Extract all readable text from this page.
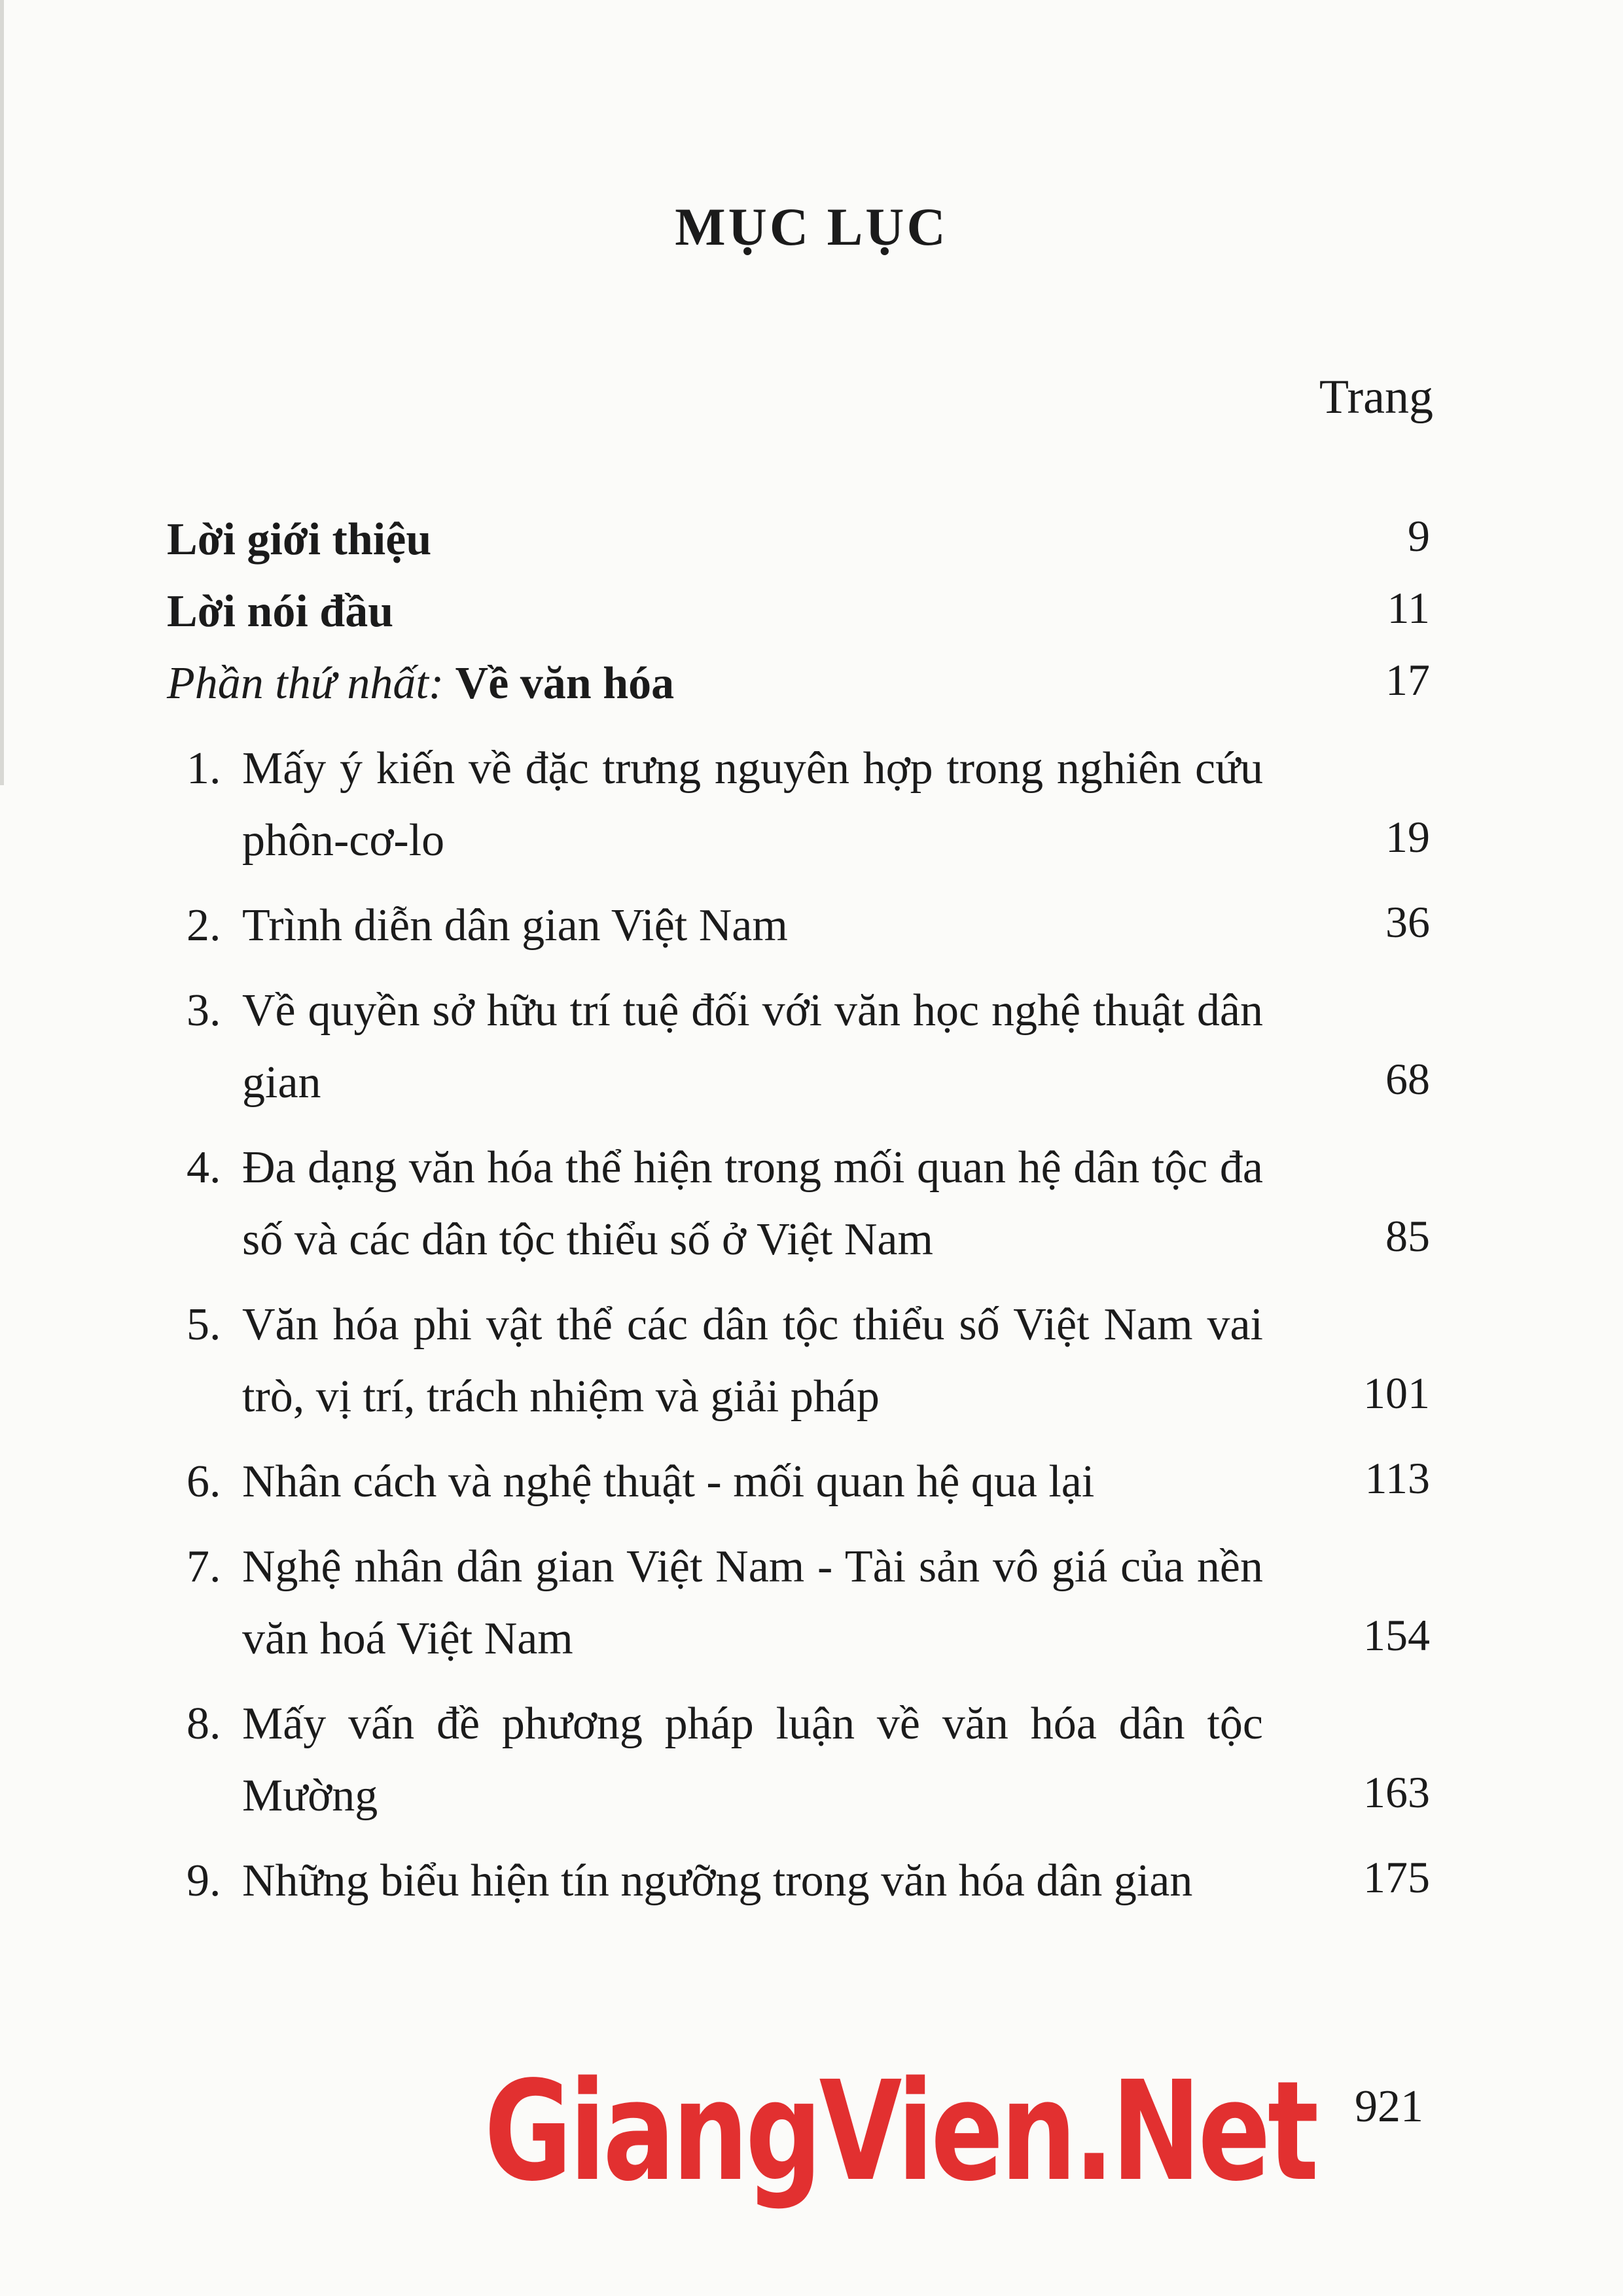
MỤC LỤC
Trang
Lời giới thiệu	9
Lời nói đầu	11
Phần thứ nhất: Về văn hóa	17
1. Mấy ý kiến về đặc trưng nguyên hợp trong nghiên cứu phôn-cơ-lo	19
2. Trình diễn dân gian Việt Nam	36
3. Về quyền sở hữu trí tuệ đối với văn học nghệ thuật dân gian	68
4. Đa dạng văn hóa thể hiện trong mối quan hệ dân tộc đa số và các dân tộc thiểu số ở Việt Nam	85
5. Văn hóa phi vật thể các dân tộc thiểu số Việt Nam vai trò, vị trí, trách nhiệm và giải pháp	101
6. Nhân cách và nghệ thuật - mối quan hệ qua lại	113
7. Nghệ nhân dân gian Việt Nam - Tài sản vô giá của nền văn hoá Việt Nam	154
8. Mấy vấn đề phương pháp luận về văn hóa dân tộc Mường	163
9. Những biểu hiện tín ngưỡng trong văn hóa dân gian	175
GiangVien.Net 921
